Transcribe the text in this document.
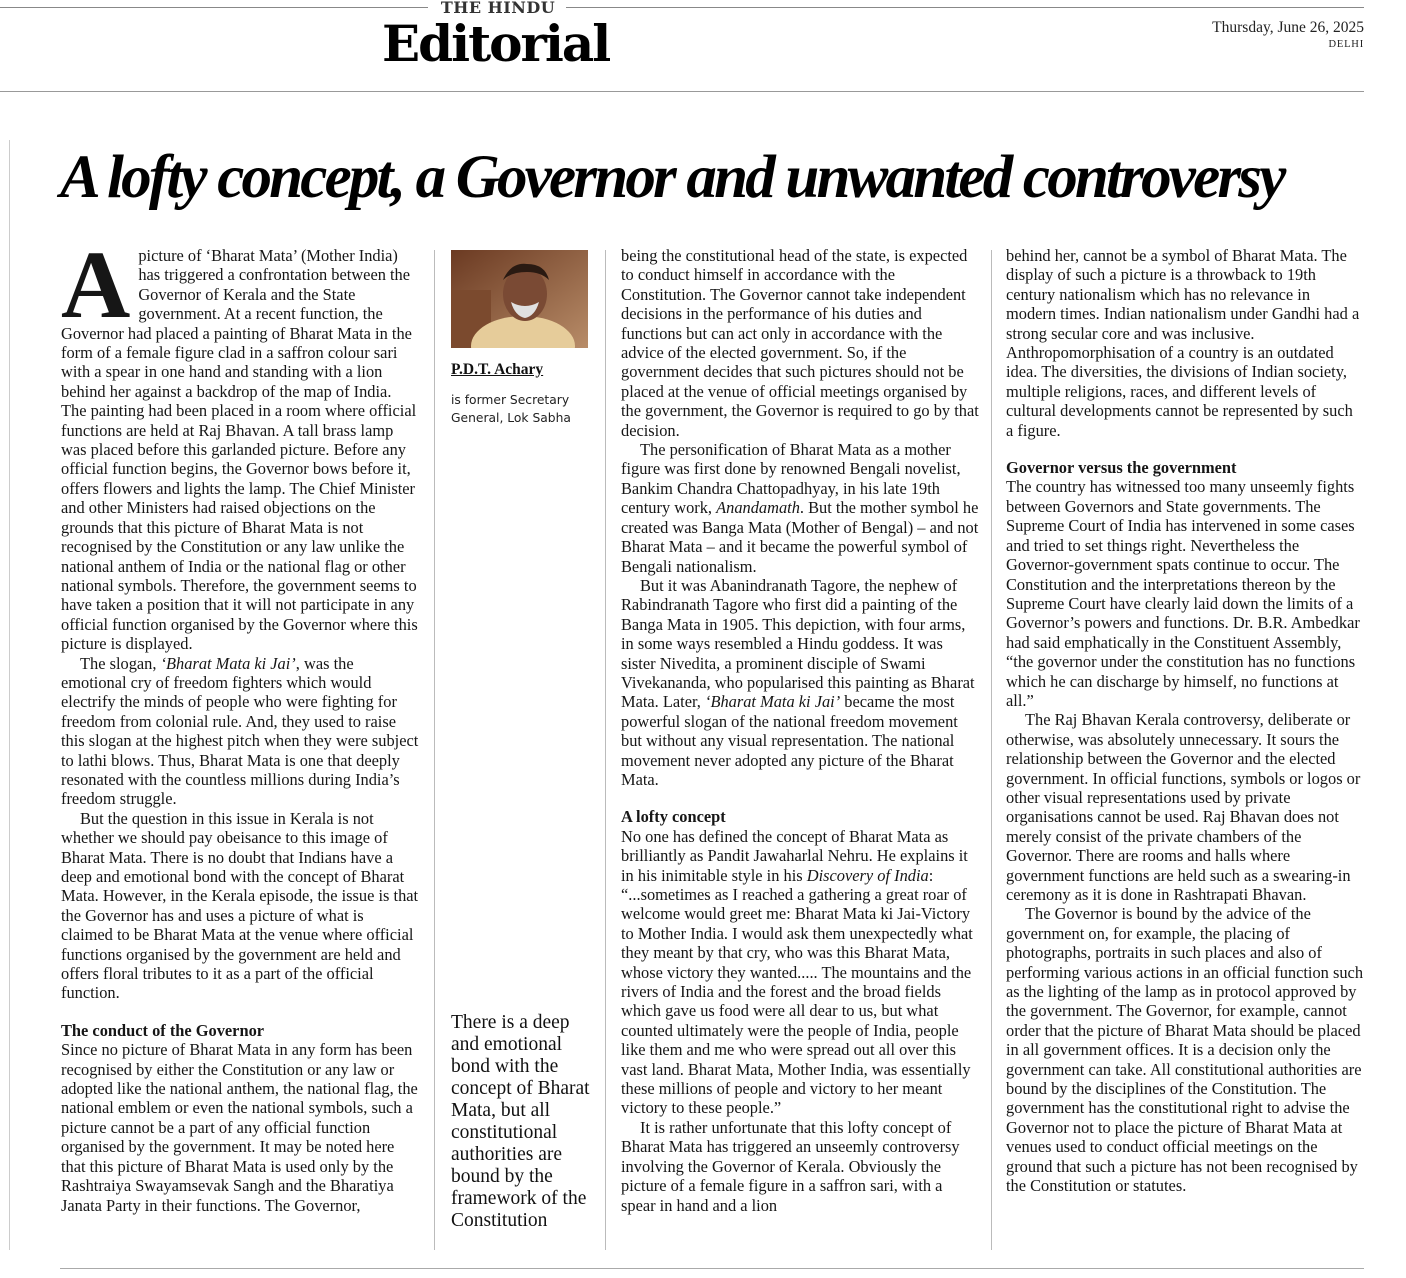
THE HINDU
Editorial	Thursday, June 26, 2025
DELHI
A lofty concept, a Governor and unwanted controversy

Apicture of ‘Bharat Mata’ (Mother India) has triggered a confrontation between the Governor of Kerala and the State government. At a recent function, the Governor had placed a painting of Bharat Mata in the form of a female figure clad in a saffron colour sari with a spear in one hand and standing with a lion behind her against a backdrop of the map of India. The painting had been placed in a room where official functions are held at Raj Bhavan. A tall brass lamp was placed before this garlanded picture. Before any official function begins, the Governor bows before it, offers flowers and lights the lamp. The Chief Minister and other Ministers had raised objections on the grounds that this picture of Bharat Mata is not recognised by the Constitution or any law unlike the national anthem of India or the national flag or other national symbols. Therefore, the government seems to have taken a position that it will not participate in any official function organised by the Governor where this picture is displayed.

The slogan, ‘Bharat Mata ki Jai’, was the emotional cry of freedom fighters which would electrify the minds of people who were fighting for freedom from colonial rule. And, they used to raise this slogan at the highest pitch when they were subject to lathi blows. Thus, Bharat Mata is one that deeply resonated with the countless millions during India’s freedom struggle.

But the question in this issue in Kerala is not whether we should pay obeisance to this image of Bharat Mata. There is no doubt that Indians have a deep and emotional bond with the concept of Bharat Mata. However, in the Kerala episode, the issue is that the Governor has and uses a picture of what is claimed to be Bharat Mata at the venue where official functions organised by the government are held and offers floral tributes to it as a part of the official function.

The conduct of the Governor

Since no picture of Bharat Mata in any form has been recognised by either the Constitution or any law or adopted like the national anthem, the national flag, the national emblem or even the national symbols, such a picture cannot be a part of any official function organised by the government. It may be noted here that this picture of Bharat Mata is used only by the Rashtraiya Swayamsevak Sangh and the Bharatiya Janata Party in their functions. The Governor,

P.D.T. Achary
is former Secretary General, Lok Sabha
There is a deep and emotional bond with the concept of Bharat Mata, but all constitutional authorities are bound by the framework of the Constitution

being the constitutional head of the state, is expected to conduct himself in accordance with the Constitution. The Governor cannot take independent decisions in the performance of his duties and functions but can act only in accordance with the advice of the elected government. So, if the government decides that such pictures should not be placed at the venue of official meetings organised by the government, the Governor is required to go by that decision.

The personification of Bharat Mata as a mother figure was first done by renowned Bengali novelist, Bankim Chandra Chattopadhyay, in his late 19th century work, Anandamath. But the mother symbol he created was Banga Mata (Mother of Bengal) – and not Bharat Mata – and it became the powerful symbol of Bengali nationalism.

But it was Abanindranath Tagore, the nephew of Rabindranath Tagore who first did a painting of the Banga Mata in 1905. This depiction, with four arms, in some ways resembled a Hindu goddess. It was sister Nivedita, a prominent disciple of Swami Vivekananda, who popularised this painting as Bharat Mata. Later, ‘Bharat Mata ki Jai’ became the most powerful slogan of the national freedom movement but without any visual representation. The national movement never adopted any picture of the Bharat Mata.

A lofty concept

No one has defined the concept of Bharat Mata as brilliantly as Pandit Jawaharlal Nehru. He explains it in his inimitable style in his Discovery of India: “...sometimes as I reached a gathering a great roar of welcome would greet me: Bharat Mata ki Jai-Victory to Mother India. I would ask them unexpectedly what they meant by that cry, who was this Bharat Mata, whose victory they wanted..... The mountains and the rivers of India and the forest and the broad fields which gave us food were all dear to us, but what counted ultimately were the people of India, people like them and me who were spread out all over this vast land. Bharat Mata, Mother India, was essentially these millions of people and victory to her meant victory to these people.”

It is rather unfortunate that this lofty concept of Bharat Mata has triggered an unseemly controversy involving the Governor of Kerala. Obviously the picture of a female figure in a saffron sari, with a spear in hand and a lion

behind her, cannot be a symbol of Bharat Mata. The display of such a picture is a throwback to 19th century nationalism which has no relevance in modern times. Indian nationalism under Gandhi had a strong secular core and was inclusive. Anthropomorphisation of a country is an outdated idea. The diversities, the divisions of Indian society, multiple religions, races, and different levels of cultural developments cannot be represented by such a figure.

Governor versus the government

The country has witnessed too many unseemly fights between Governors and State governments. The Supreme Court of India has intervened in some cases and tried to set things right. Nevertheless the Governor-government spats continue to occur. The Constitution and the interpretations thereon by the Supreme Court have clearly laid down the limits of a Governor’s powers and functions. Dr. B.R. Ambedkar had said emphatically in the Constituent Assembly, “the governor under the constitution has no functions which he can discharge by himself, no functions at all.”

The Raj Bhavan Kerala controversy, deliberate or otherwise, was absolutely unnecessary. It sours the relationship between the Governor and the elected government. In official functions, symbols or logos or other visual representations used by private organisations cannot be used. Raj Bhavan does not merely consist of the private chambers of the Governor. There are rooms and halls where government functions are held such as a swearing-in ceremony as it is done in Rashtrapati Bhavan.

The Governor is bound by the advice of the government on, for example, the placing of photographs, portraits in such places and also of performing various actions in an official function such as the lighting of the lamp as in protocol approved by the government. The Governor, for example, cannot order that the picture of Bharat Mata should be placed in all government offices. It is a decision only the government can take. All constitutional authorities are bound by the disciplines of the Constitution. The government has the constitutional right to advise the Governor not to place the picture of Bharat Mata at venues used to conduct official meetings on the ground that such a picture has not been recognised by the Constitution or statutes.
